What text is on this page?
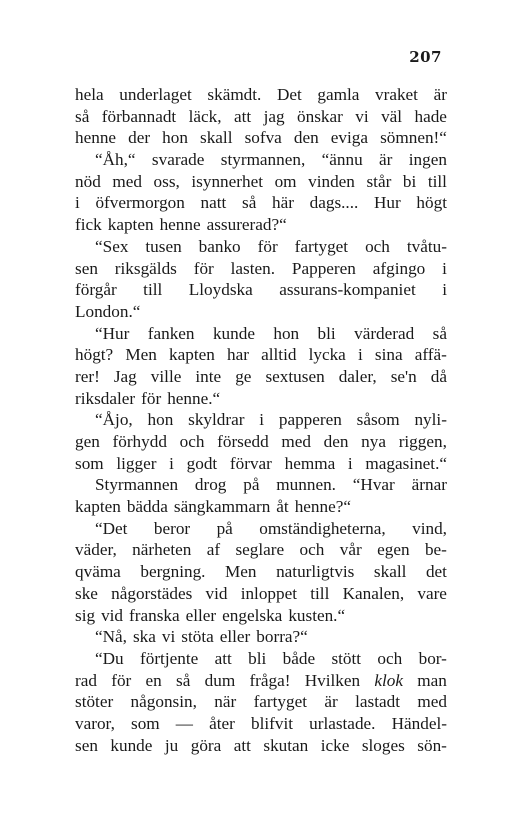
207
hela underlaget skämdt. Det gamla vraket är
så förbannadt läck, att jag önskar vi väl hade
henne der hon skall sofva den eviga sömnen!“
“Åh,“ svarade styrmannen, “ännu är ingen
nöd med oss, isynnerhet om vinden står bi till
i öfvermorgon natt så här dags.... Hur högt
fick kapten henne assurerad?“
“Sex tusen banko för fartyget och tvåtu-
sen riksgälds för lasten. Papperen afgingo i
förgår till Lloydska assurans-kompaniet i
London.“
“Hur fanken kunde hon bli värderad så
högt? Men kapten har alltid lycka i sina affä-
rer! Jag ville inte ge sextusen daler, se'n då
riksdaler för henne.“
“Åjo, hon skyldrar i papperen såsom nyli-
gen förhydd och försedd med den nya riggen,
som ligger i godt förvar hemma i magasinet.“
Styrmannen drog på munnen. “Hvar ärnar
kapten bädda sängkammarn åt henne?“
“Det beror på omständigheterna, vind,
väder, närheten af seglare och vår egen be-
qväma bergning. Men naturligtvis skall det
ske någorstädes vid inloppet till Kanalen, vare
sig vid franska eller engelska kusten.“
“Nå, ska vi stöta eller borra?“
“Du förtjente att bli både stött och bor-
rad för en så dum fråga! Hvilken klok man
stöter någonsin, när fartyget är lastadt med
varor, som — åter blifvit urlastade. Händel-
sen kunde ju göra att skutan icke sloges sön-
